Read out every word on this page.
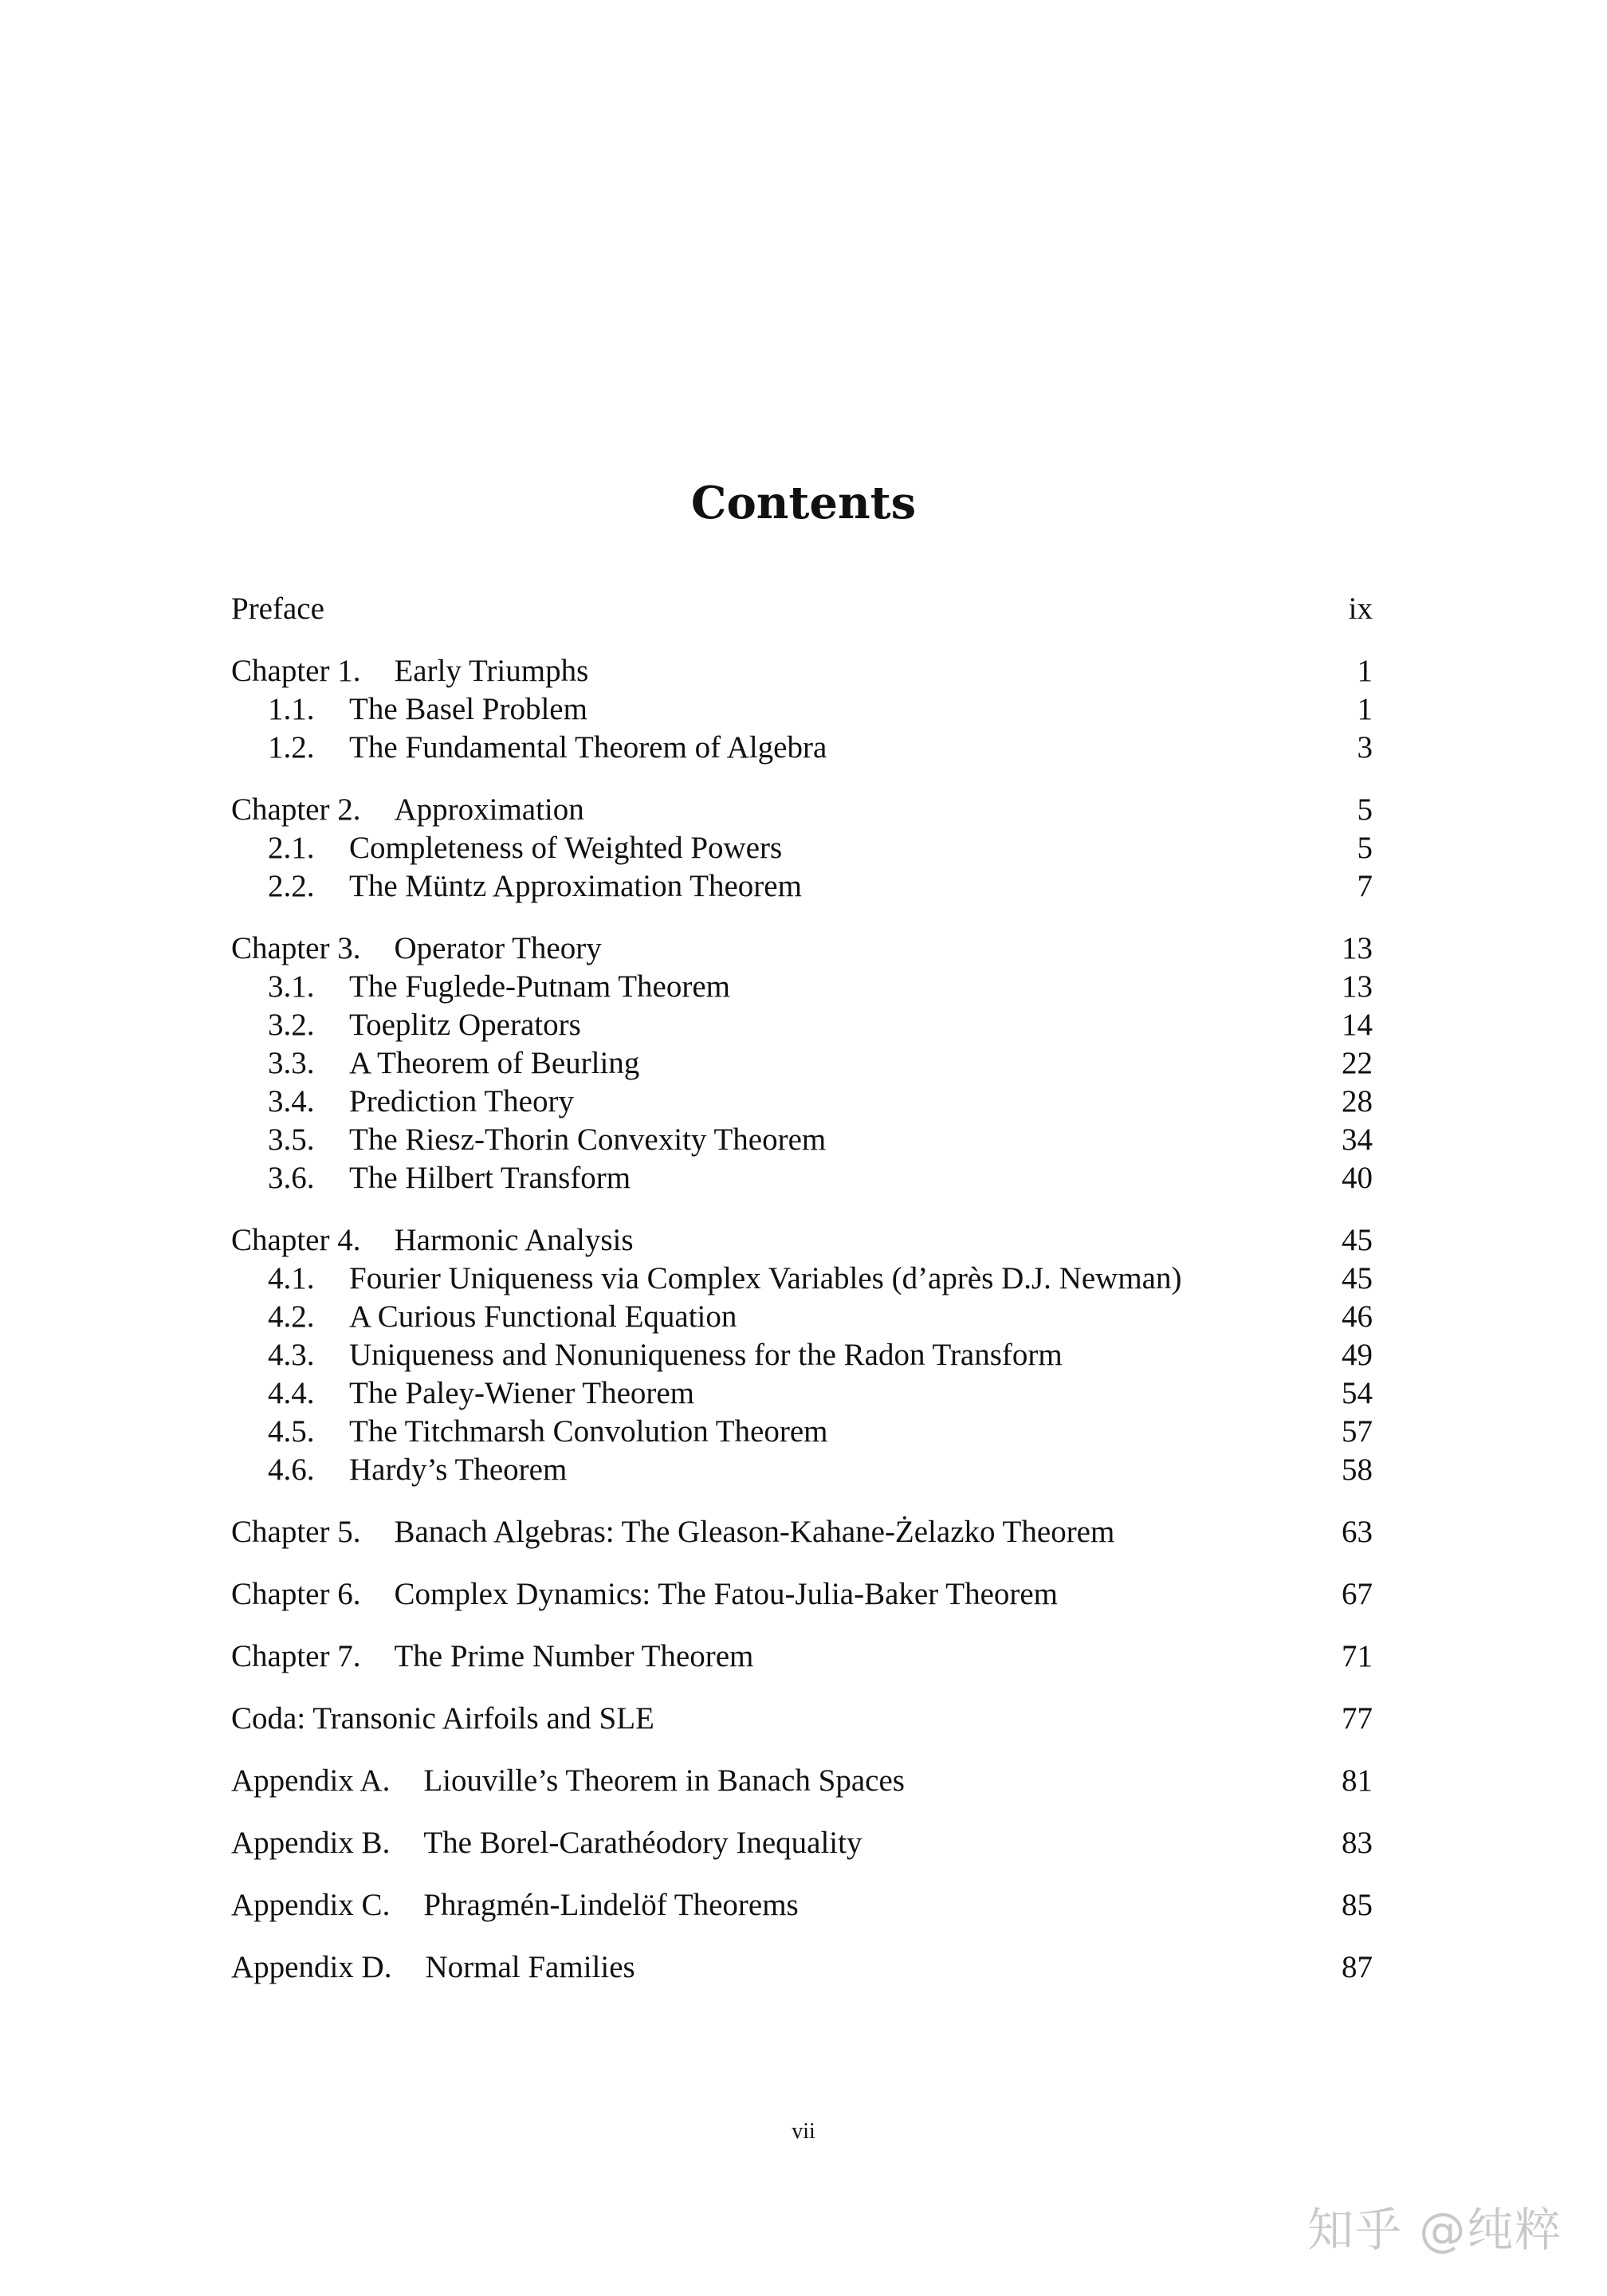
Contents
Preface	ix
Chapter 1. Early Triumphs	1
1.1. The Basel Problem	1
1.2. The Fundamental Theorem of Algebra	3
Chapter 2. Approximation	5
2.1. Completeness of Weighted Powers	5
2.2. The Müntz Approximation Theorem	7
Chapter 3. Operator Theory	13
3.1. The Fuglede-Putnam Theorem	13
3.2. Toeplitz Operators	14
3.3. A Theorem of Beurling	22
3.4. Prediction Theory	28
3.5. The Riesz-Thorin Convexity Theorem	34
3.6. The Hilbert Transform	40
Chapter 4. Harmonic Analysis	45
4.1. Fourier Uniqueness via Complex Variables (d’après D.J. Newman)	45
4.2. A Curious Functional Equation	46
4.3. Uniqueness and Nonuniqueness for the Radon Transform	49
4.4. The Paley-Wiener Theorem	54
4.5. The Titchmarsh Convolution Theorem	57
4.6. Hardy’s Theorem	58
Chapter 5. Banach Algebras: The Gleason-Kahane-Żelazko Theorem	63
Chapter 6. Complex Dynamics: The Fatou-Julia-Baker Theorem	67
Chapter 7. The Prime Number Theorem	71
Coda: Transonic Airfoils and SLE	77
Appendix A. Liouville’s Theorem in Banach Spaces	81
Appendix B. The Borel-Carathéodory Inequality	83
Appendix C. Phragmén-Lindelöf Theorems	85
Appendix D. Normal Families	87
vii
知乎 @纯粹
